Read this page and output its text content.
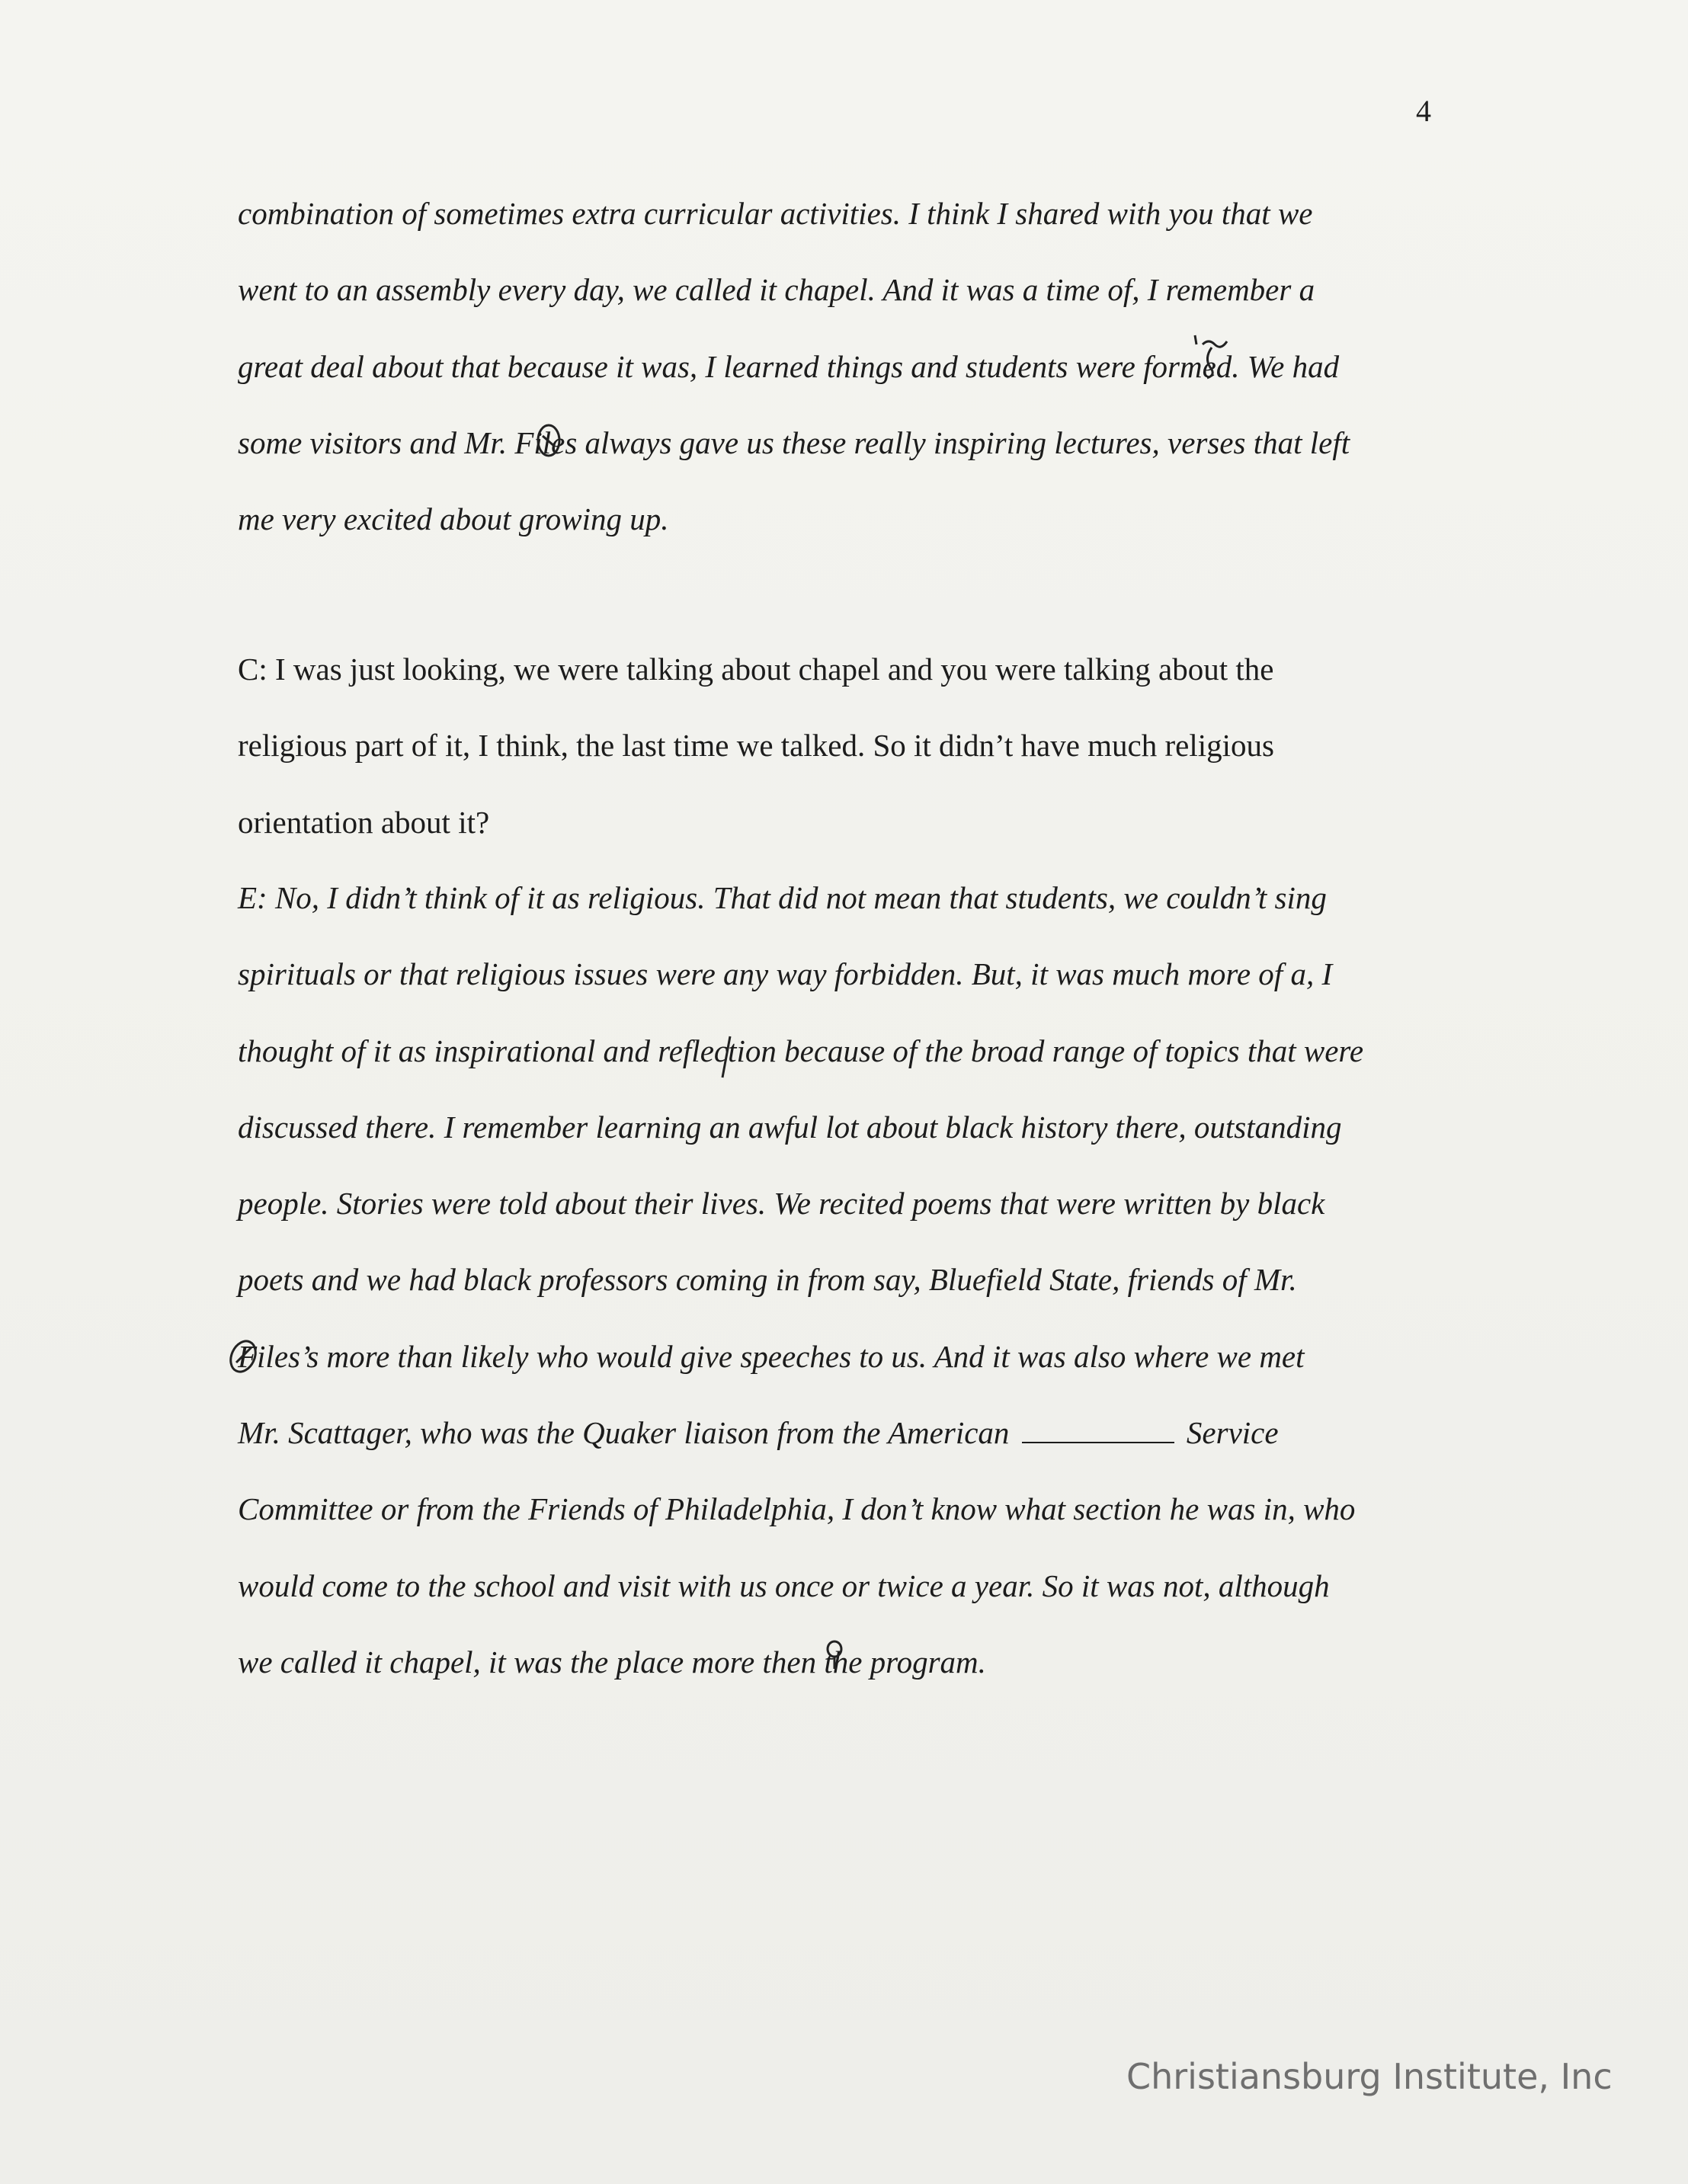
4
combination of sometimes extra curricular activities. I think I shared with you that we
went to an assembly every day, we called it chapel. And it was a time of, I remember a
great deal about that because it was, I learned things and students were formed. We had
some visitors and Mr. Files always gave us these really inspiring lectures, verses that left
me very excited about growing up.
C: I was just looking, we were talking about chapel and you were talking about the
religious part of it, I think, the last time we talked. So it didn’t have much religious
orientation about it?
E: No, I didn’t think of it as religious. That did not mean that students, we couldn’t sing
spirituals or that religious issues were any way forbidden. But, it was much more of a, I
thought of it as inspirational and reflection because of the broad range of topics that were
discussed there. I remember learning an awful lot about black history there, outstanding
people. Stories were told about their lives. We recited poems that were written by black
poets and we had black professors coming in from say, Bluefield State, friends of Mr.
Files’s more than likely who would give speeches to us. And it was also where we met
Mr. Scattager, who was the Quaker liaison from the American	Service
Committee or from the Friends of Philadelphia, I don’t know what section he was in, who
would come to the school and visit with us once or twice a year. So it was not, although
we called it chapel, it was the place more then the program.
Christiansburg Institute, Inc
